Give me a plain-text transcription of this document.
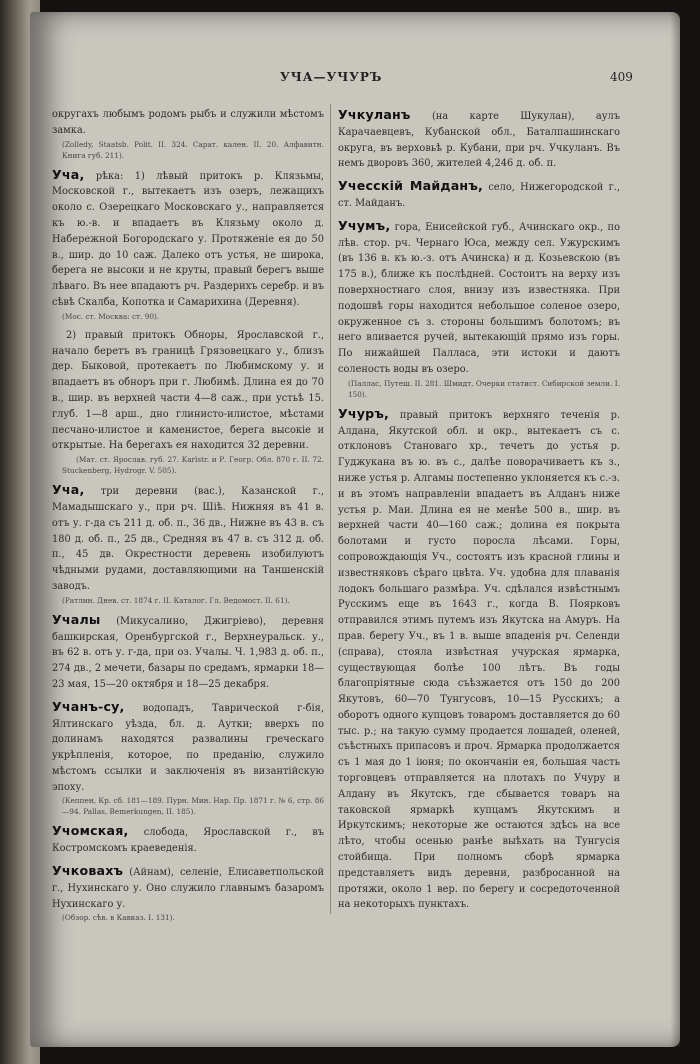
УЧА—УЧУРЪ	409
округахъ любымъ родомъ рыбъ и служили мѣстомъ замка.
(Zolledy, Staatsb. Polit. II. 324. Сарат. кален. II. 20. Алфавитн. Книга губ. 211).
Уча, рѣка: 1) лѣвый притокъ р. Клязьмы, Московской г., вытекаетъ изъ озеръ, лежащихъ около с. Озерецкаго Московскаго у., направляется къ ю.-в. и впадаетъ въ Клязьму около д. Набережной Богородскаго у. Протяженіе ея до 50 в., шир. до 10 саж. Далеко отъ устья, не широка, берега не высоки и не круты, правый берегъ выше лѣваго. Въ нее впадаютъ рч. Раздерихъ серебр. и въ сѣвѣ Скалба, Копотка и Самарихина (Деревня).
(Мос. ст. Москва: ст. 90).
2) правый притокъ Обноры, Ярославской г., начало беретъ въ границѣ Грязовецкаго у., близъ дер. Быковой, протекаетъ по Любимскому у. и впадаетъ въ обноръ при г. Любимѣ. Длина ея до 70 в., шир. въ верхней части 4—8 саж., при устьѣ 15. глуб. 1—8 арш., дно глинисто-илистое, мѣстами песчано-илистое и каменистое, берега высокіе и открытые. На берегахъ ея находится 32 деревни.
(Мат. ст. Ярослав. губ. 27. Karlstr. и Р. Геогр. Обл. 870 г. II. 72. Stuckenberg, Hydrogr. V. 505).
Уча, три деревни (вас.), Казанской г., Мамадышскаго у., при рч. Шіѣ. Нижняя въ 41 в. отъ у. г-да съ 211 д. об. п., 36 дв., Нижне въ 43 в. съ 180 д. об. п., 25 дв., Средняя въ 47 в. съ 312 д. об. п., 45 дв. Окрестности деревень изобилуютъ чѣдными рудами, доставляющими на Таншенскій заводъ.
(Ратлин. Днев. ст. 1874 г. II. Каталог. Гл. Ведомост. II. 61).
Учалы (Микусалино, Джигріево), деревня башкирская, Оренбургской г., Верхнеуральск. у., въ 62 в. отъ у. г-да, при оз. Учалы. Ч. 1,983 д. об. п., 274 дв., 2 мечети, базары по средамъ, ярмарки 18—23 мая, 15—20 октября и 18—25 декабря.
Учанъ-су, водопадъ, Таврической г-бія, Ялтинскаго уѣзда, бл. д. Аутки; вверхъ по долинамъ находятся развалины греческаго укрѣпленія, которое, по преданію, служило мѣстомъ ссылки и заключенія въ византійскую эпоху.
(Кеппен, Кр. сб. 181—189. Пурн. Мин. Нар. Пр. 1871 г. № 6, стр. 86—94. Pallas, Bemerkungen, II. 185).
Учомская, слобода, Ярославской г., въ Костромскомъ краеведенія.
Учковахъ (Айнам), селеніе, Елисаветпольской г., Нухинскаго у. Оно служило главнымъ базаромъ Нухинскаго у.
(Обзор. сѣв. в Кавказ. I. 131).
Учкуланъ (на карте Шукулан), аулъ Карачаевцевъ, Кубанской обл., Баталпашинскаго округа, въ верховьѣ р. Кубани, при рч. Учкуланъ. Въ немъ дворовъ 360, жителей 4,246 д. об. п.
Учесскій Майданъ, село, Нижегородской г., ст. Майданъ.
Учумъ, гора, Енисейской губ., Ачинскаго окр., по лѣв. стор. рч. Чернаго Юса, между сел. Ужурскимъ (въ 136 в. къ ю.-з. отъ Ачинска) и д. Козьевскою (въ 175 в.), ближе къ послѣдней. Состоитъ на верху изъ поверхностнаго слоя, внизу изъ известняка. При подошвѣ горы находится небольшое соленое озеро, окруженное съ з. стороны большимъ болотомъ; въ него вливается ручей, вытекающій прямо изъ горы. По нижайшей Палласа, эти истоки и даютъ соленость воды въ озеро.
(Паллас, Путеш. II. 281. Шмидт, Очерки статист. Сибирской земли. I. 150).
Учуръ, правый притокъ верхняго теченія р. Алдана, Якутской обл. и окр., вытекаетъ съ с. отклоновъ Становаго хр., течетъ до устья р. Гуджукана въ ю. въ с., далѣе поворачиваетъ къ з., ниже устья р. Алгамы постепенно уклоняется къ с.-з. и въ этомъ направленіи впадаетъ въ Алданъ ниже устья р. Маи. Длина ея не менѣе 500 в., шир. въ верхней части 40—160 саж.; долина ея покрыта болотами и густо поросла лѣсами. Горы, сопровождающія Уч., состоятъ изъ красной глины и известняковъ сѣраго цвѣта. Уч. удобна для плаванія лодокъ большаго размѣра. Уч. сдѣлался извѣстнымъ Русскимъ еще въ 1643 г., когда В. Поярковъ отправился этимъ путемъ изъ Якутска на Амуръ. На прав. берегу Уч., въ 1 в. выше впаденія рч. Селенди (справа), стояла извѣстная учурская ярмарка, существующая болѣе 100 лѣтъ. Въ годы благопріятные сюда съѣзжается отъ 150 до 200 Якутовъ, 60—70 Тунгусовъ, 10—15 Русскихъ; а оборотъ одного купцовъ товаромъ доставляется до 60 тыс. р.; на такую сумму продается лошадей, оленей, съѣстныхъ припасовъ и проч. Ярмарка продолжается съ 1 мая до 1 іюня; по окончаніи ея, большая часть торговцевъ отправляется на плотахъ по Учуру и Алдану въ Якутскъ, где сбывается товаръ на таковской ярмаркѣ купцамъ Якутскимъ и Иркутскимъ; некоторые же остаются здѣсь на все лѣто, чтобы осенью ранѣе выѣхать на Тунгусія стойбища. При полномъ сборѣ ярмарка представляетъ видъ деревни, разбросанной на протяжи, около 1 вер. по берегу и сосредоточенной на некоторыхъ пунктахъ.
